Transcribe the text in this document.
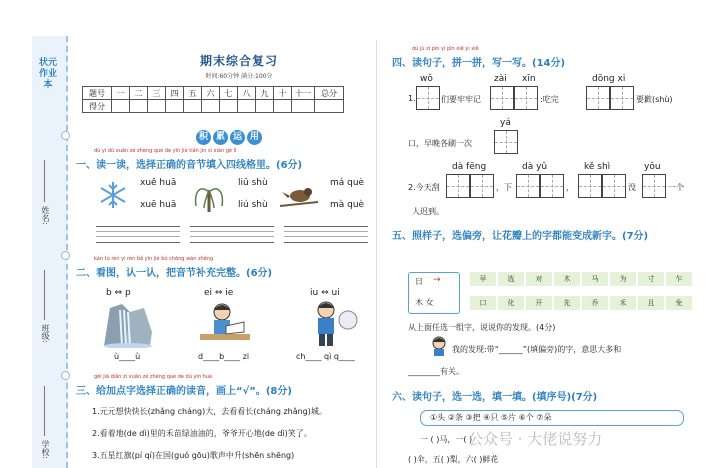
状元
作业本
姓名:
班级:
学校:
期末综合复习
时间:60分钟 满分:100分
题号	一	二	三	四	五	六	七	八	九	十	十一	总分
得分												
积 累 运 用
dú yi dú xuǎn zé zhèng què de yīn jié tián jìn sì xiàn gé lǐ
一、读一读，选择正确的音节填入四线格里。(6分)
xuě huā
xuē huā
liǔ shù
liú shù
má què
mà què
kàn tú rèn yi rèn bǎ yīn jié bǔ chōng wán zhěng
二、看图，认一认，把音节补充完整。(6分)
b ⇔ p	ei ⇔ ie	iu ⇔ ui
ù____ù	d____b____ zi	ch____ qì q____
gěi jiā diǎn zì xuǎn zé zhèng què de dú yīn huà
三、给加点字选择正确的读音，画上“√”。(8分)
1.元元想快快长(zhǎng cháng)大，去看看长(cháng zhǎng)城。
2.看着地(de dì)里的禾苗绿油油的，爷爷开心地(de dì)笑了。
3.五星红旗(pí qí)在国(guó gōu)歌声中升(shēn shēng)
dú jù zi pīn yi pīn xiě yi xiě
四、读句子，拼一拼，写一写。(14分)
wǒ	zài xīn	dōng xi
1.	们要牢牢记	:吃完	要歉(shù)
yá
口，早晚各刷一次
dà fēng	dà yǔ	kě shì	yǒu
2.今天刮	，下	，	没	一个
人迟到。
五、照样子，选偏旁，让花瓣上的字都能变成新字。(7分)
日 →
木 女
早	选	对	木	马	为	寸	乍
口	化	开	先	乔	禾	且	免
从上面任选一组字，说说你的发现。(4分)
我的发现:带“______”(填偏旁)的字，意思大多和
________有关。
六、读句子，选一选，填一填。(填序号)(7分)
①头 ②条 ③把 ④只 ⑤片 ⑥个 ⑦朵
一 ( )马，一( )
( )伞，五( )梨，六( )鲜花
公众号 · 大佬说努力
